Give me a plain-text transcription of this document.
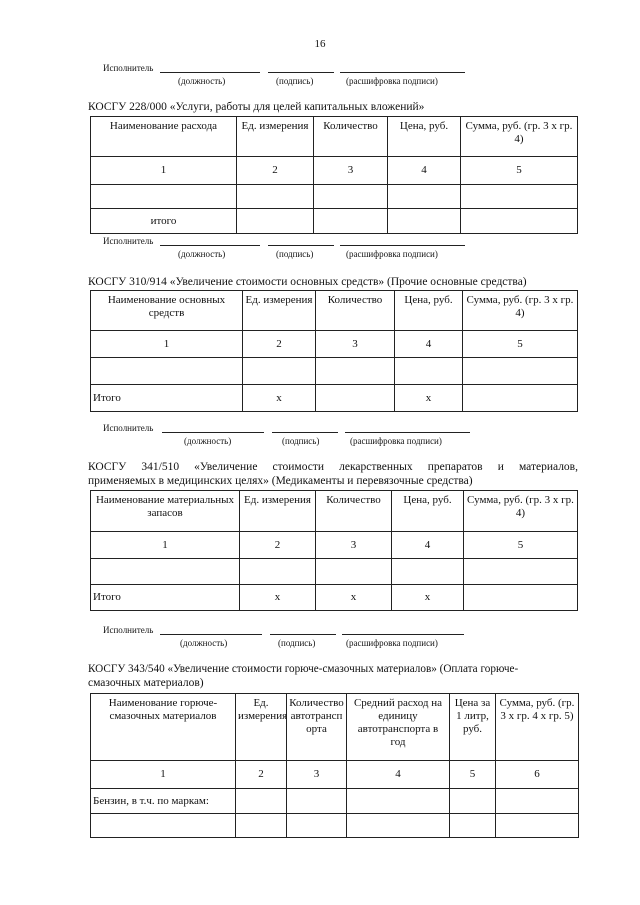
16
Исполнитель
(должность)	(подпись)	(расшифровка подписи)
КОСГУ 228/000 «Услуги, работы для целей капитальных вложений»
Наименование расхода	Ед. измерения	Количество	Цена, руб.	Сумма, руб. (гр. 3 х гр. 4)
1	2	3	4	5

итого				
Исполнитель
(должность)	(подпись)	(расшифровка подписи)
КОСГУ 310/914 «Увеличение стоимости основных средств» (Прочие основные средства)
Наименование основных средств	Ед. измерения	Количество	Цена, руб.	Сумма, руб. (гр. 3 х гр. 4)
1	2	3	4	5

Итого	х		х	
Исполнитель
(должность)	(подпись)	(расшифровка подписи)
КОСГУ 341/510 «Увеличение стоимости лекарственных препаратов и материалов,
применяемых в медицинских целях» (Медикаменты и перевязочные средства)
Наименование материальных запасов	Ед. измерения	Количество	Цена, руб.	Сумма, руб. (гр. 3 х гр. 4)
1	2	3	4	5

Итого	х	х	х	
Исполнитель
(должность)	(подпись)	(расшифровка подписи)
КОСГУ 343/540 «Увеличение стоимости горюче-смазочных материалов» (Оплата горюче-
смазочных материалов)
Наименование горюче-смазочных материалов	Ед. измерения	Количество автотранспорта	Средний расход на единицу автотранспорта в год	Цена за 1 литр, руб.	Сумма, руб. (гр. 3 х гр. 4 х гр. 5)
1	2	3	4	5	6
Бензин, в т.ч. по маркам:					
